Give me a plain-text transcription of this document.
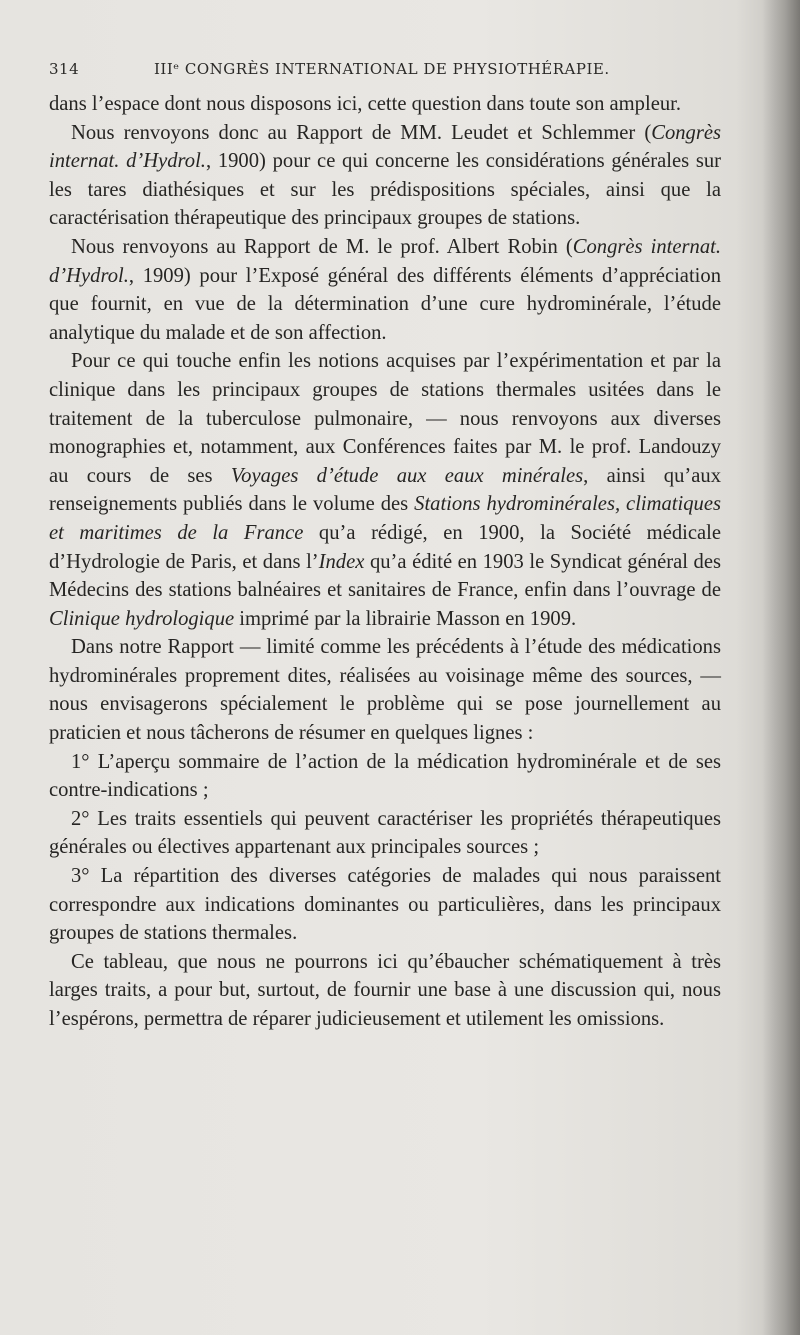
314	IIIᵉ CONGRÈS INTERNATIONAL DE PHYSIOTHÉRAPIE.

dans l’espace dont nous disposons ici, cette question dans toute son ampleur.

Nous renvoyons donc au Rapport de MM. Leudet et Schlemmer (Congrès internat. d’Hydrol., 1900) pour ce qui concerne les considérations générales sur les tares diathésiques et sur les prédispositions spéciales, ainsi que la caractérisation thérapeutique des principaux groupes de stations.

Nous renvoyons au Rapport de M. le prof. Albert Robin (Congrès internat. d’Hydrol., 1909) pour l’Exposé général des différents éléments d’appréciation que fournit, en vue de la détermination d’une cure hydrominérale, l’étude analytique du malade et de son affection.

Pour ce qui touche enfin les notions acquises par l’expérimentation et par la clinique dans les principaux groupes de stations thermales usitées dans le traitement de la tuberculose pulmonaire, — nous renvoyons aux diverses monographies et, notamment, aux Conférences faites par M. le prof. Landouzy au cours de ses Voyages d’étude aux eaux minérales, ainsi qu’aux renseignements publiés dans le volume des Stations hydrominérales, climatiques et maritimes de la France qu’a rédigé, en 1900, la Société médicale d’Hydrologie de Paris, et dans l’Index qu’a édité en 1903 le Syndicat général des Médecins des stations balnéaires et sanitaires de France, enfin dans l’ouvrage de Clinique hydrologique imprimé par la librairie Masson en 1909.

Dans notre Rapport — limité comme les précédents à l’étude des médications hydrominérales proprement dites, réalisées au voisinage même des sources, — nous envisagerons spécialement le problème qui se pose journellement au praticien et nous tâcherons de résumer en quelques lignes :

1° L’aperçu sommaire de l’action de la médication hydrominérale et de ses contre-indications ;

2° Les traits essentiels qui peuvent caractériser les propriétés thérapeutiques générales ou électives appartenant aux principales sources ;

3° La répartition des diverses catégories de malades qui nous paraissent correspondre aux indications dominantes ou particulières, dans les principaux groupes de stations thermales.

Ce tableau, que nous ne pourrons ici qu’ébaucher schématiquement à très larges traits, a pour but, surtout, de fournir une base à une discussion qui, nous l’espérons, permettra de réparer judicieusement et utilement les omissions.
